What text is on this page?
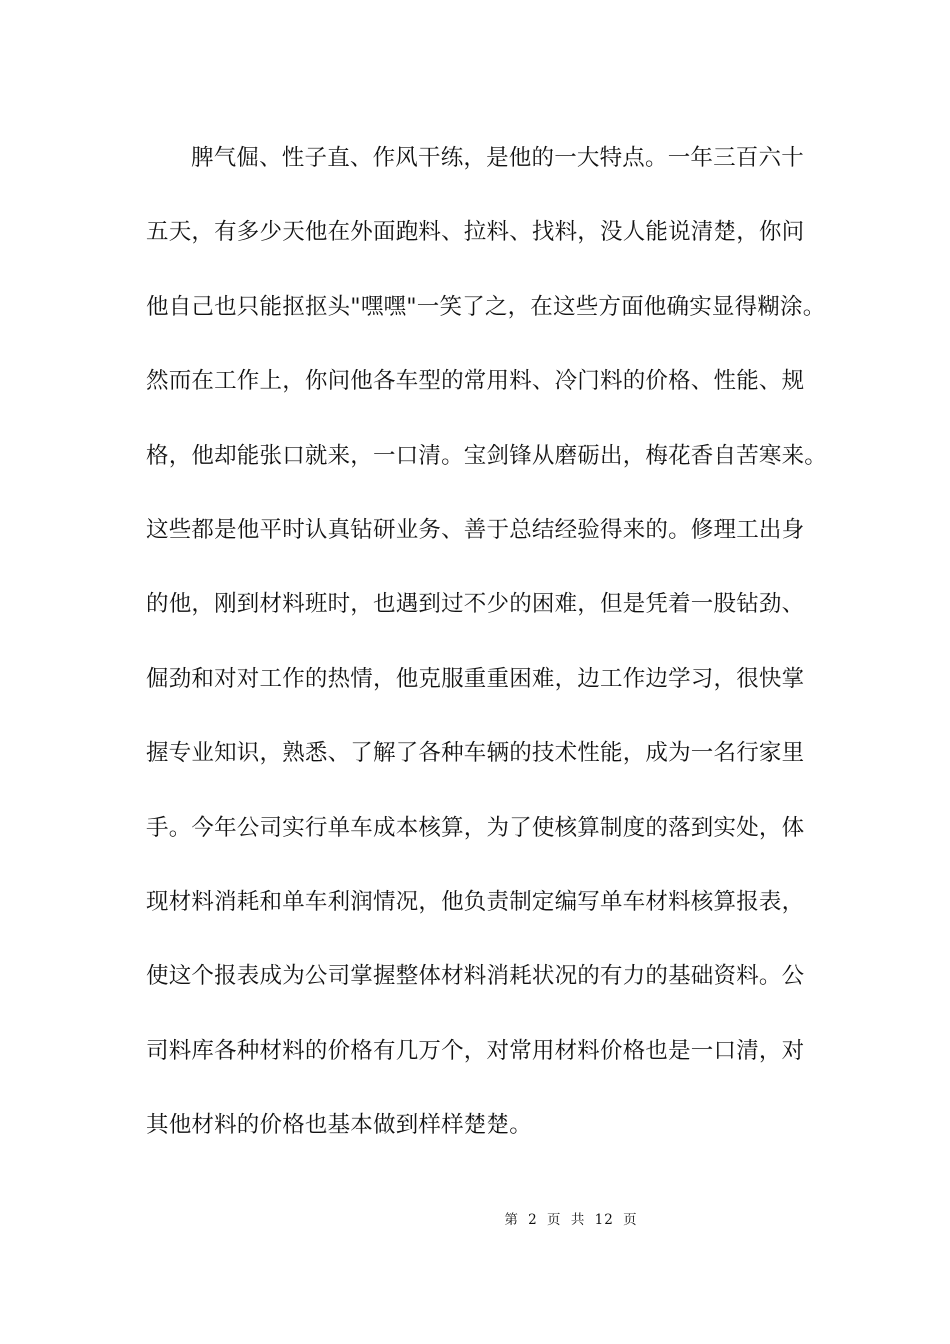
脾气倔、性子直、作风干练，是他的一大特点。一年三百六十
五天，有多少天他在外面跑料、拉料、找料，没人能说清楚，你问
他自己也只能抠抠头"嘿嘿"一笑了之，在这些方面他确实显得糊涂。
然而在工作上，你问他各车型的常用料、冷门料的价格、性能、规
格，他却能张口就来，一口清。宝剑锋从磨砺出，梅花香自苦寒来。
这些都是他平时认真钻研业务、善于总结经验得来的。修理工出身
的他，刚到材料班时，也遇到过不少的困难，但是凭着一股钻劲、
倔劲和对对工作的热情，他克服重重困难，边工作边学习，很快掌
握专业知识，熟悉、了解了各种车辆的技术性能，成为一名行家里
手。今年公司实行单车成本核算，为了使核算制度的落到实处，体
现材料消耗和单车利润情况，他负责制定编写单车材料核算报表，
使这个报表成为公司掌握整体材料消耗状况的有力的基础资料。公
司料库各种材料的价格有几万个，对常用材料价格也是一口清，对
其他材料的价格也基本做到样样楚楚。
第 2 页 共 12 页
